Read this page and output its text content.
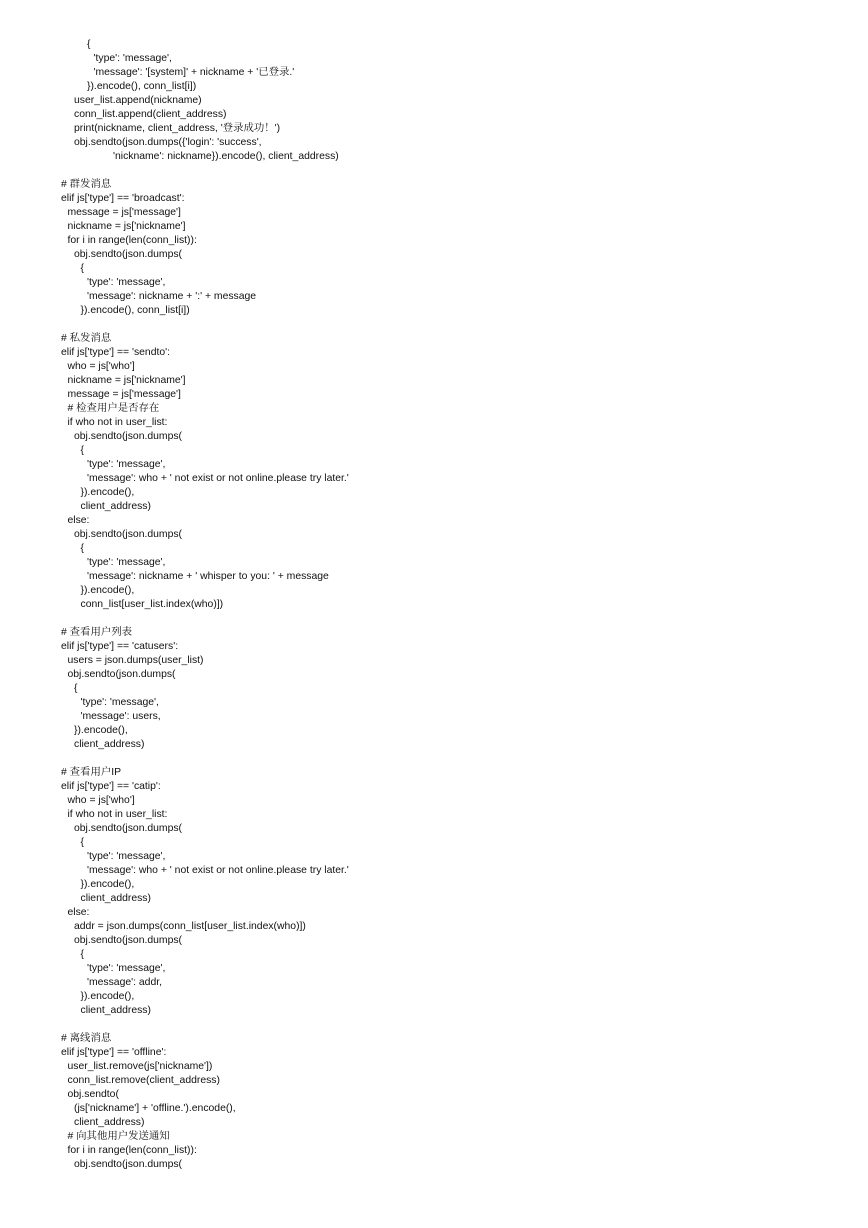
{
'type': 'message',
'message': '[system]' + nickname + '已登录.'
}).encode(), conn_list[i])
user_list.append(nickname)
conn_list.append(client_address)
print(nickname, client_address, '登录成功！')
obj.sendto(json.dumps({'login': 'success',
'nickname': nickname}).encode(), client_address)
# 群发消息
elif js['type'] == 'broadcast':
message = js['message']
nickname = js['nickname']
for i in range(len(conn_list)):
obj.sendto(json.dumps(
{
'type': 'message',
'message': nickname + ':' + message
}).encode(), conn_list[i])
# 私发消息
elif js['type'] == 'sendto':
who = js['who']
nickname = js['nickname']
message = js['message']
# 检查用户是否存在
if who not in user_list:
obj.sendto(json.dumps(
{
'type': 'message',
'message': who + ' not exist or not online.please try later.'
}).encode(),
client_address)
else:
obj.sendto(json.dumps(
{
'type': 'message',
'message': nickname + ' whisper to you: ' + message
}).encode(),
conn_list[user_list.index(who)])
# 查看用户列表
elif js['type'] == 'catusers':
users = json.dumps(user_list)
obj.sendto(json.dumps(
{
'type': 'message',
'message': users,
}).encode(),
client_address)
# 查看用户IP
elif js['type'] == 'catip':
who = js['who']
if who not in user_list:
obj.sendto(json.dumps(
{
'type': 'message',
'message': who + ' not exist or not online.please try later.'
}).encode(),
client_address)
else:
addr = json.dumps(conn_list[user_list.index(who)])
obj.sendto(json.dumps(
{
'type': 'message',
'message': addr,
}).encode(),
client_address)
# 离线消息
elif js['type'] == 'offline':
user_list.remove(js['nickname'])
conn_list.remove(client_address)
obj.sendto(
(js['nickname'] + 'offline.').encode(),
client_address)
# 向其他用户发送通知
for i in range(len(conn_list)):
obj.sendto(json.dumps(
